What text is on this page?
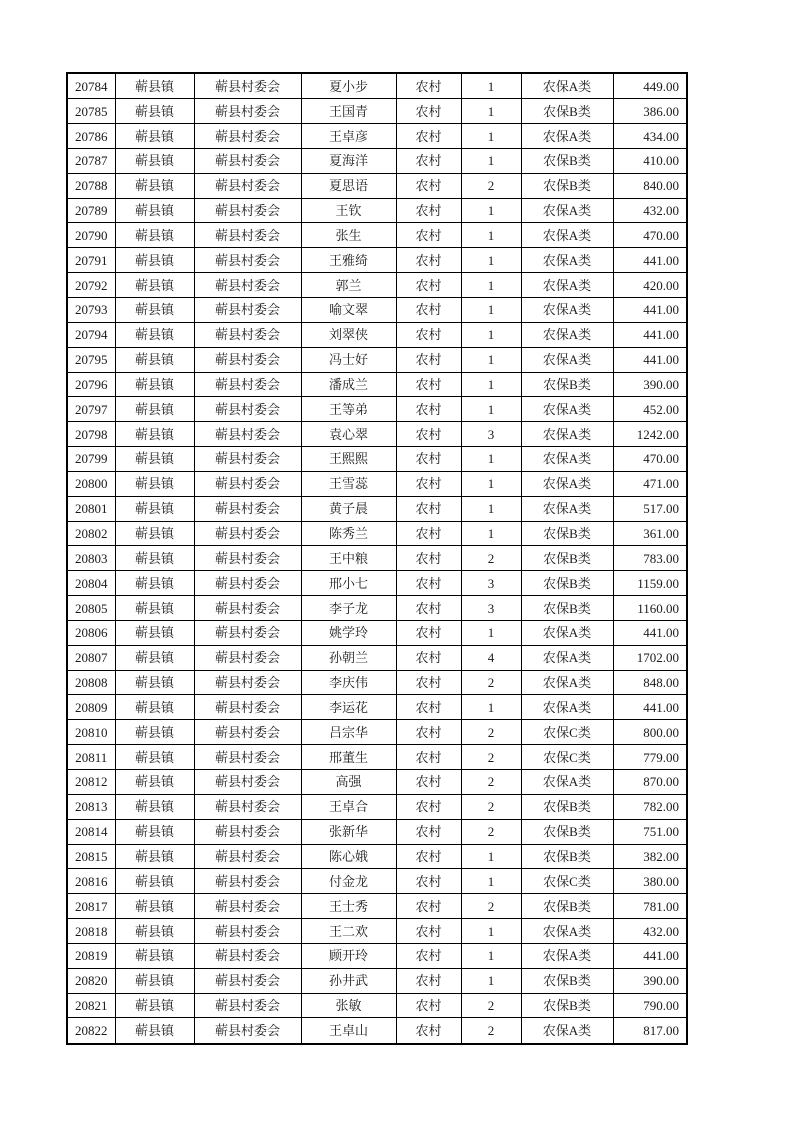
20784	蕲县镇	蕲县村委会	夏小步	农村	1	农保A类	449.00
20785	蕲县镇	蕲县村委会	王国青	农村	1	农保B类	386.00
20786	蕲县镇	蕲县村委会	王卓彦	农村	1	农保A类	434.00
20787	蕲县镇	蕲县村委会	夏海洋	农村	1	农保B类	410.00
20788	蕲县镇	蕲县村委会	夏思语	农村	2	农保B类	840.00
20789	蕲县镇	蕲县村委会	王钦	农村	1	农保A类	432.00
20790	蕲县镇	蕲县村委会	张生	农村	1	农保A类	470.00
20791	蕲县镇	蕲县村委会	王雅绮	农村	1	农保A类	441.00
20792	蕲县镇	蕲县村委会	郭兰	农村	1	农保A类	420.00
20793	蕲县镇	蕲县村委会	喻文翠	农村	1	农保A类	441.00
20794	蕲县镇	蕲县村委会	刘翠侠	农村	1	农保A类	441.00
20795	蕲县镇	蕲县村委会	冯士好	农村	1	农保A类	441.00
20796	蕲县镇	蕲县村委会	潘成兰	农村	1	农保B类	390.00
20797	蕲县镇	蕲县村委会	王等弟	农村	1	农保A类	452.00
20798	蕲县镇	蕲县村委会	袁心翠	农村	3	农保A类	1242.00
20799	蕲县镇	蕲县村委会	王熙熙	农村	1	农保A类	470.00
20800	蕲县镇	蕲县村委会	王雪蕊	农村	1	农保A类	471.00
20801	蕲县镇	蕲县村委会	黄子晨	农村	1	农保A类	517.00
20802	蕲县镇	蕲县村委会	陈秀兰	农村	1	农保B类	361.00
20803	蕲县镇	蕲县村委会	王中粮	农村	2	农保B类	783.00
20804	蕲县镇	蕲县村委会	邢小七	农村	3	农保B类	1159.00
20805	蕲县镇	蕲县村委会	李子龙	农村	3	农保B类	1160.00
20806	蕲县镇	蕲县村委会	姚学玲	农村	1	农保A类	441.00
20807	蕲县镇	蕲县村委会	孙朝兰	农村	4	农保A类	1702.00
20808	蕲县镇	蕲县村委会	李庆伟	农村	2	农保A类	848.00
20809	蕲县镇	蕲县村委会	李运花	农村	1	农保A类	441.00
20810	蕲县镇	蕲县村委会	吕宗华	农村	2	农保C类	800.00
20811	蕲县镇	蕲县村委会	邢董生	农村	2	农保C类	779.00
20812	蕲县镇	蕲县村委会	高强	农村	2	农保A类	870.00
20813	蕲县镇	蕲县村委会	王卓合	农村	2	农保B类	782.00
20814	蕲县镇	蕲县村委会	张新华	农村	2	农保B类	751.00
20815	蕲县镇	蕲县村委会	陈心娥	农村	1	农保B类	382.00
20816	蕲县镇	蕲县村委会	付金龙	农村	1	农保C类	380.00
20817	蕲县镇	蕲县村委会	王士秀	农村	2	农保B类	781.00
20818	蕲县镇	蕲县村委会	王二欢	农村	1	农保A类	432.00
20819	蕲县镇	蕲县村委会	顾开玲	农村	1	农保A类	441.00
20820	蕲县镇	蕲县村委会	孙井武	农村	1	农保B类	390.00
20821	蕲县镇	蕲县村委会	张敏	农村	2	农保B类	790.00
20822	蕲县镇	蕲县村委会	王卓山	农村	2	农保A类	817.00
